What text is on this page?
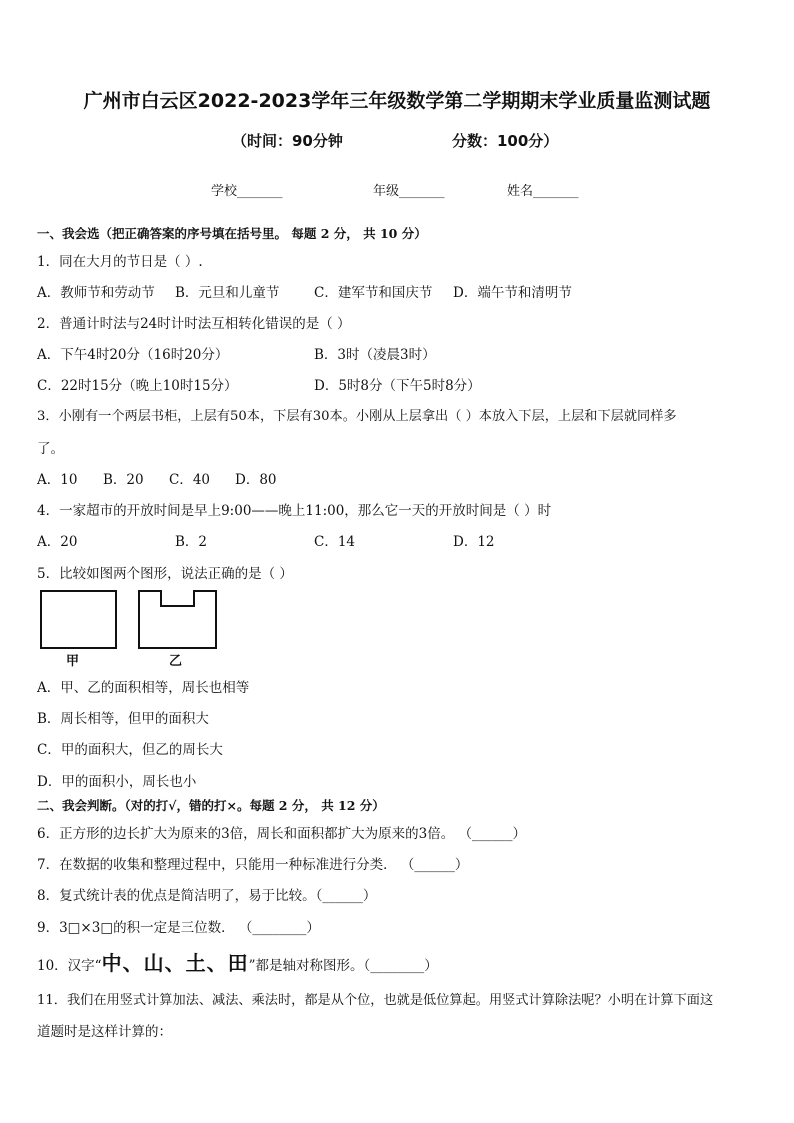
广州市白云区2022-2023学年三年级数学第二学期期末学业质量监测试题
（时间：90分钟	分数：100分）
学校_______	年级_______	姓名_______
一、我会选（把正确答案的序号填在括号里。 每题 2 分， 共 10 分）
1．同在大月的节日是（ ）.
A．教师节和劳动节 B．元旦和儿童节	C．建军节和国庆节 D．端午节和清明节
2．普通计时法与24时计时法互相转化错误的是（ ）
A．下午4时20分（16时20分）	B．3时（凌晨3时）
C．22时15分（晚上10时15分）	D．5时8分（下午5时8分）
3．小刚有一个两层书柜，上层有50本，下层有30本。小刚从上层拿出（ ）本放入下层，上层和下层就同样多
了。
A．10 B．20 C．40 D．80
4．一家超市的开放时间是早上9:00——晚上11:00，那么它一天的开放时间是（ ）时
A．20	B．2	C．14	D．12
5．比较如图两个图形，说法正确的是（ ）
甲	乙
A．甲、乙的面积相等，周长也相等
B．周长相等，但甲的面积大
C．甲的面积大，但乙的周长大
D．甲的面积小，周长也小
二、我会判断。（对的打√，错的打×。每题 2 分， 共 12 分）
6．正方形的边长扩大为原来的3倍，周长和面积都扩大为原来的3倍。 （______）
7．在数据的收集和整理过程中，只能用一种标准进行分类． （______）
8．复式统计表的优点是简洁明了，易于比较。（______）
9．3□×3□的积一定是三位数． （________）
10．汉字“中、山、土、田”都是轴对称图形。（________）
11．我们在用竖式计算加法、减法、乘法时，都是从个位，也就是低位算起。用竖式计算除法呢？小明在计算下面这
道题时是这样计算的：
